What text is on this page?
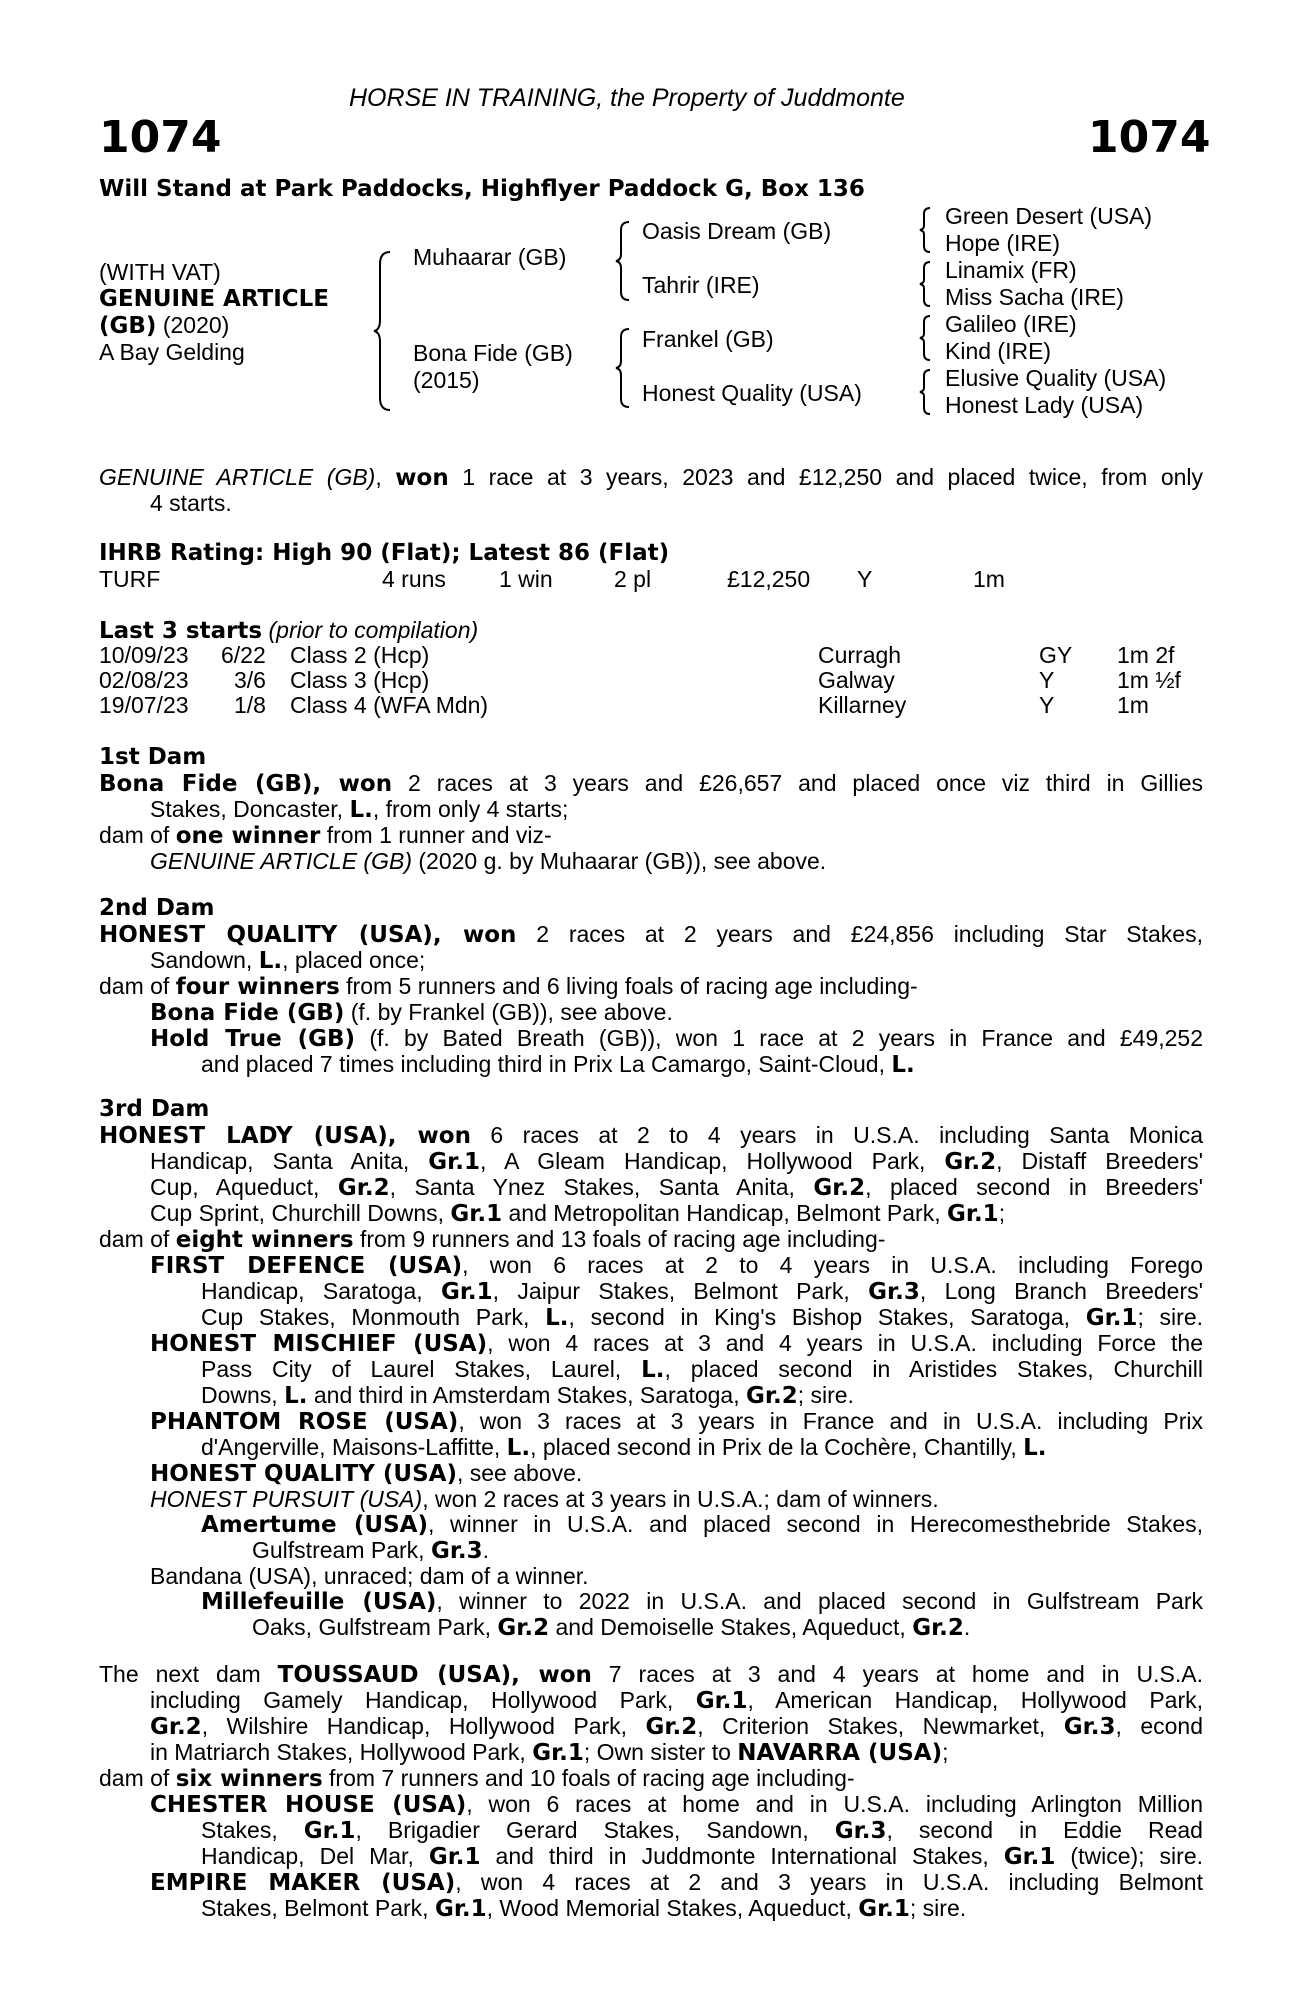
HORSE IN TRAINING, the Property of Juddmonte
1074	1074
Will Stand at Park Paddocks, Highflyer Paddock G, Box 136
(WITH VAT)
GENUINE ARTICLE
(GB) (2020)
A Bay Gelding
Muhaarar (GB)
Bona Fide (GB)
(2015)
Oasis Dream (GB)
Tahrir (IRE)
Frankel (GB)
Honest Quality (USA)
Green Desert (USA)
Hope (IRE)
Linamix (FR)
Miss Sacha (IRE)
Galileo (IRE)
Kind (IRE)
Elusive Quality (USA)
Honest Lady (USA)
GENUINE ARTICLE (GB), won 1 race at 3 years, 2023 and £12,250 and placed twice, from only
4 starts.
IHRB Rating: High 90 (Flat); Latest 86 (Flat)
TURF	4 runs 1 win	2 pl	£12,250 Y	1m
Last 3 starts (prior to compilation)
10/09/23 6/22 Class 2 (Hcp)	Curragh	GY 1m 2f
02/08/23 3/6 Class 3 (Hcp)	Galway	Y	1m ½f
19/07/23 1/8 Class 4 (WFA Mdn)	Killarney	Y	1m
1st Dam
Bona Fide (GB), won 2 races at 3 years and £26,657 and placed once viz third in Gillies
Stakes, Doncaster, L., from only 4 starts;
dam of one winner from 1 runner and viz-
GENUINE ARTICLE (GB) (2020 g. by Muhaarar (GB)), see above.
2nd Dam
HONEST QUALITY (USA), won 2 races at 2 years and £24,856 including Star Stakes,
Sandown, L., placed once;
dam of four winners from 5 runners and 6 living foals of racing age including-
Bona Fide (GB) (f. by Frankel (GB)), see above.
Hold True (GB) (f. by Bated Breath (GB)), won 1 race at 2 years in France and £49,252
and placed 7 times including third in Prix La Camargo, Saint-Cloud, L.
3rd Dam
HONEST LADY (USA), won 6 races at 2 to 4 years in U.S.A. including Santa Monica
Handicap, Santa Anita, Gr.1, A Gleam Handicap, Hollywood Park, Gr.2, Distaff Breeders'
Cup, Aqueduct, Gr.2, Santa Ynez Stakes, Santa Anita, Gr.2, placed second in Breeders'
Cup Sprint, Churchill Downs, Gr.1 and Metropolitan Handicap, Belmont Park, Gr.1;
dam of eight winners from 9 runners and 13 foals of racing age including-
FIRST DEFENCE (USA), won 6 races at 2 to 4 years in U.S.A. including Forego
Handicap, Saratoga, Gr.1, Jaipur Stakes, Belmont Park, Gr.3, Long Branch Breeders'
Cup Stakes, Monmouth Park, L., second in King's Bishop Stakes, Saratoga, Gr.1; sire.
HONEST MISCHIEF (USA), won 4 races at 3 and 4 years in U.S.A. including Force the
Pass City of Laurel Stakes, Laurel, L., placed second in Aristides Stakes, Churchill
Downs, L. and third in Amsterdam Stakes, Saratoga, Gr.2; sire.
PHANTOM ROSE (USA), won 3 races at 3 years in France and in U.S.A. including Prix
d'Angerville, Maisons-Laffitte, L., placed second in Prix de la Cochère, Chantilly, L.
HONEST QUALITY (USA), see above.
HONEST PURSUIT (USA), won 2 races at 3 years in U.S.A.; dam of winners.
Amertume (USA), winner in U.S.A. and placed second in Herecomesthebride Stakes,
Gulfstream Park, Gr.3.
Bandana (USA), unraced; dam of a winner.
Millefeuille (USA), winner to 2022 in U.S.A. and placed second in Gulfstream Park
Oaks, Gulfstream Park, Gr.2 and Demoiselle Stakes, Aqueduct, Gr.2.
The next dam TOUSSAUD (USA), won 7 races at 3 and 4 years at home and in U.S.A.
including Gamely Handicap, Hollywood Park, Gr.1, American Handicap, Hollywood Park,
Gr.2, Wilshire Handicap, Hollywood Park, Gr.2, Criterion Stakes, Newmarket, Gr.3, econd
in Matriarch Stakes, Hollywood Park, Gr.1; Own sister to NAVARRA (USA);
dam of six winners from 7 runners and 10 foals of racing age including-
CHESTER HOUSE (USA), won 6 races at home and in U.S.A. including Arlington Million
Stakes, Gr.1, Brigadier Gerard Stakes, Sandown, Gr.3, second in Eddie Read
Handicap, Del Mar, Gr.1 and third in Juddmonte International Stakes, Gr.1 (twice); sire.
EMPIRE MAKER (USA), won 4 races at 2 and 3 years in U.S.A. including Belmont
Stakes, Belmont Park, Gr.1, Wood Memorial Stakes, Aqueduct, Gr.1; sire.
